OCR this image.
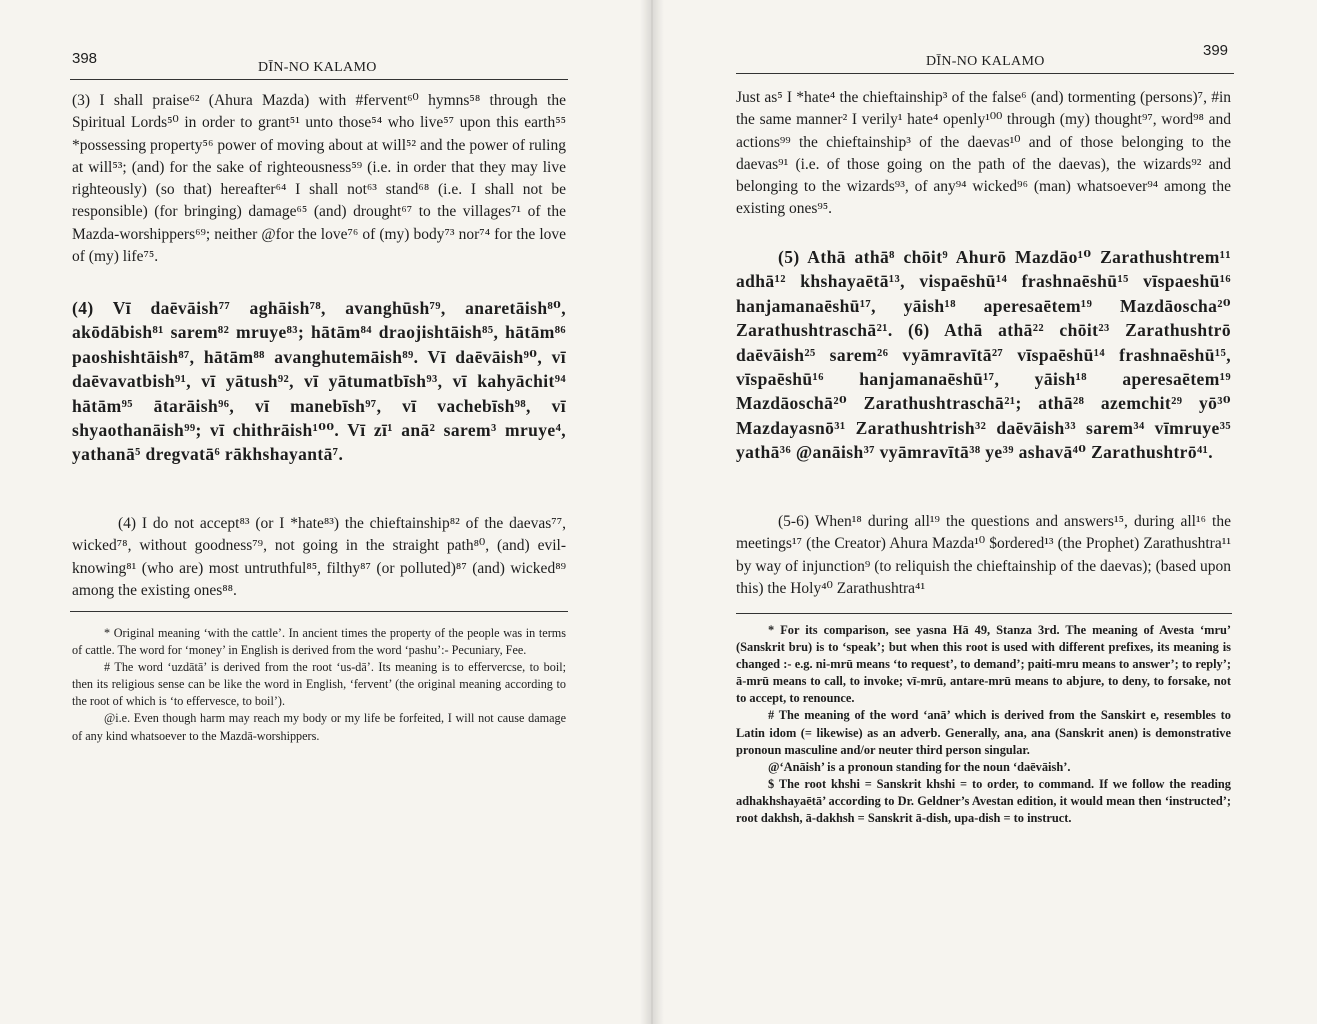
398
DĪN-NO KALAMO

(3) I shall praise⁶² (Ahura Mazda) with #fervent⁶⁰ hymns⁵⁸ through the Spiritual Lords⁵⁰ in order to grant⁵¹ unto those⁵⁴ who live⁵⁷ upon this earth⁵⁵ *possessing property⁵⁶ power of moving about at will⁵² and the power of ruling at will⁵³; (and) for the sake of righteousness⁵⁹ (i.e. in order that they may live righteously) (so that) hereafter⁶⁴ I shall not⁶³ stand⁶⁸ (i.e. I shall not be responsible) (for bringing) damage⁶⁵ (and) drought⁶⁷ to the villages⁷¹ of the Mazda-worshippers⁶⁹; neither @for the love⁷⁶ of (my) body⁷³ nor⁷⁴ for the love of (my) life⁷⁵.

(4) Vī daēvāish⁷⁷ aghāish⁷⁸, avanghūsh⁷⁹, anaretāish⁸⁰, akōdābish⁸¹ sarem⁸² mruye⁸³; hātām⁸⁴ draojishtāish⁸⁵, hātām⁸⁶ paoshishtāish⁸⁷, hātām⁸⁸ avanghutemāish⁸⁹. Vī daēvāish⁹⁰, vī daēvavatbish⁹¹, vī yātush⁹², vī yātumatbīsh⁹³, vī kahyāchit⁹⁴ hātām⁹⁵ ātarāish⁹⁶, vī manebīsh⁹⁷, vī vachebīsh⁹⁸, vī shyaothanāish⁹⁹; vī chithrāish¹⁰⁰. Vī zī¹ anā² sarem³ mruye⁴, yathanā⁵ dregvatā⁶ rākhshayantā⁷.

(4) I do not accept⁸³ (or I *hate⁸³) the chieftainship⁸² of the daevas⁷⁷, wicked⁷⁸, without goodness⁷⁹, not going in the straight path⁸⁰, (and) evil-knowing⁸¹ (who are) most untruthful⁸⁵, filthy⁸⁷ (or polluted)⁸⁷ (and) wicked⁸⁹ among the existing ones⁸⁸.

* Original meaning ‘with the cattle’. In ancient times the property of the people was in terms of cattle. The word for ‘money’ in English is derived from the word ‘pashu’:- Pecuniary, Fee.

# The word ‘uzdātā’ is derived from the root ‘us-dā’. Its meaning is to effervercse, to boil; then its religious sense can be like the word in English, ‘fervent’ (the original meaning according to the root of which is ‘to effervesce, to boil’).

@i.e. Even though harm may reach my body or my life be forfeited, I will not cause damage of any kind whatsoever to the Mazdā-worshippers.

399
DĪN-NO KALAMO

Just as⁵ I *hate⁴ the chieftainship³ of the false⁶ (and) tormenting (persons)⁷, #in the same manner² I verily¹ hate⁴ openly¹⁰⁰ through (my) thought⁹⁷, word⁹⁸ and actions⁹⁹ the chieftainship³ of the daevas¹⁰ and of those belonging to the daevas⁹¹ (i.e. of those going on the path of the daevas), the wizards⁹² and belonging to the wizards⁹³, of any⁹⁴ wicked⁹⁶ (man) whatsoever⁹⁴ among the existing ones⁹⁵.

(5) Athā athā⁸ chōit⁹ Ahurō Mazdāo¹⁰ Zarathushtrem¹¹ adhā¹² khshayaētā¹³, vispaēshū¹⁴ frashnaēshū¹⁵ vīspaeshū¹⁶ hanjamanaēshū¹⁷, yāish¹⁸ aperesaētem¹⁹ Mazdāoscha²⁰ Zarathushtraschā²¹. (6) Athā athā²² chōit²³ Zarathushtrō daēvāish²⁵ sarem²⁶ vyāmravītā²⁷ vīspaēshū¹⁴ frashnaēshū¹⁵, vīspaēshū¹⁶ hanjamanaēshū¹⁷, yāish¹⁸ aperesaētem¹⁹ Mazdāoschā²⁰ Zarathushtraschā²¹; athā²⁸ azemchit²⁹ yō³⁰ Mazdayasnō³¹ Zarathushtrish³² daēvāish³³ sarem³⁴ vīmruye³⁵ yathā³⁶ @anāish³⁷ vyāmravītā³⁸ ye³⁹ ashavā⁴⁰ Zarathushtrō⁴¹.

(5-6) When¹⁸ during all¹⁹ the questions and answers¹⁵, during all¹⁶ the meetings¹⁷ (the Creator) Ahura Mazda¹⁰ $ordered¹³ (the Prophet) Zarathushtra¹¹ by way of injunction⁹ (to reliquish the chieftainship of the daevas); (based upon this) the Holy⁴⁰ Zarathushtra⁴¹

* For its comparison, see yasna Hā 49, Stanza 3rd. The meaning of Avesta ‘mru’ (Sanskrit bru) is to ‘speak’; but when this root is used with different prefixes, its meaning is changed :- e.g. ni-mrū means ‘to request’, to demand’; paiti-mru means to answer’; to reply’; ā-mrū means to call, to invoke; vī-mrū, antare-mrū means to abjure, to deny, to forsake, not to accept, to renounce.

# The meaning of the word ‘anā’ which is derived from the Sanskirt e, resembles to Latin idom (= likewise) as an adverb. Generally, ana, ana (Sanskrit anen) is demonstrative pronoun masculine and/or neuter third person singular.

@‘Anāish’ is a pronoun standing for the noun ‘daēvāish’.

$ The root khshi = Sanskrit khshi = to order, to command. If we follow the reading adhakhshayaētā’ according to Dr. Geldner’s Avestan edition, it would mean then ‘instructed’; root dakhsh, ā-dakhsh = Sanskrit ā-dish, upa-dish = to instruct.
